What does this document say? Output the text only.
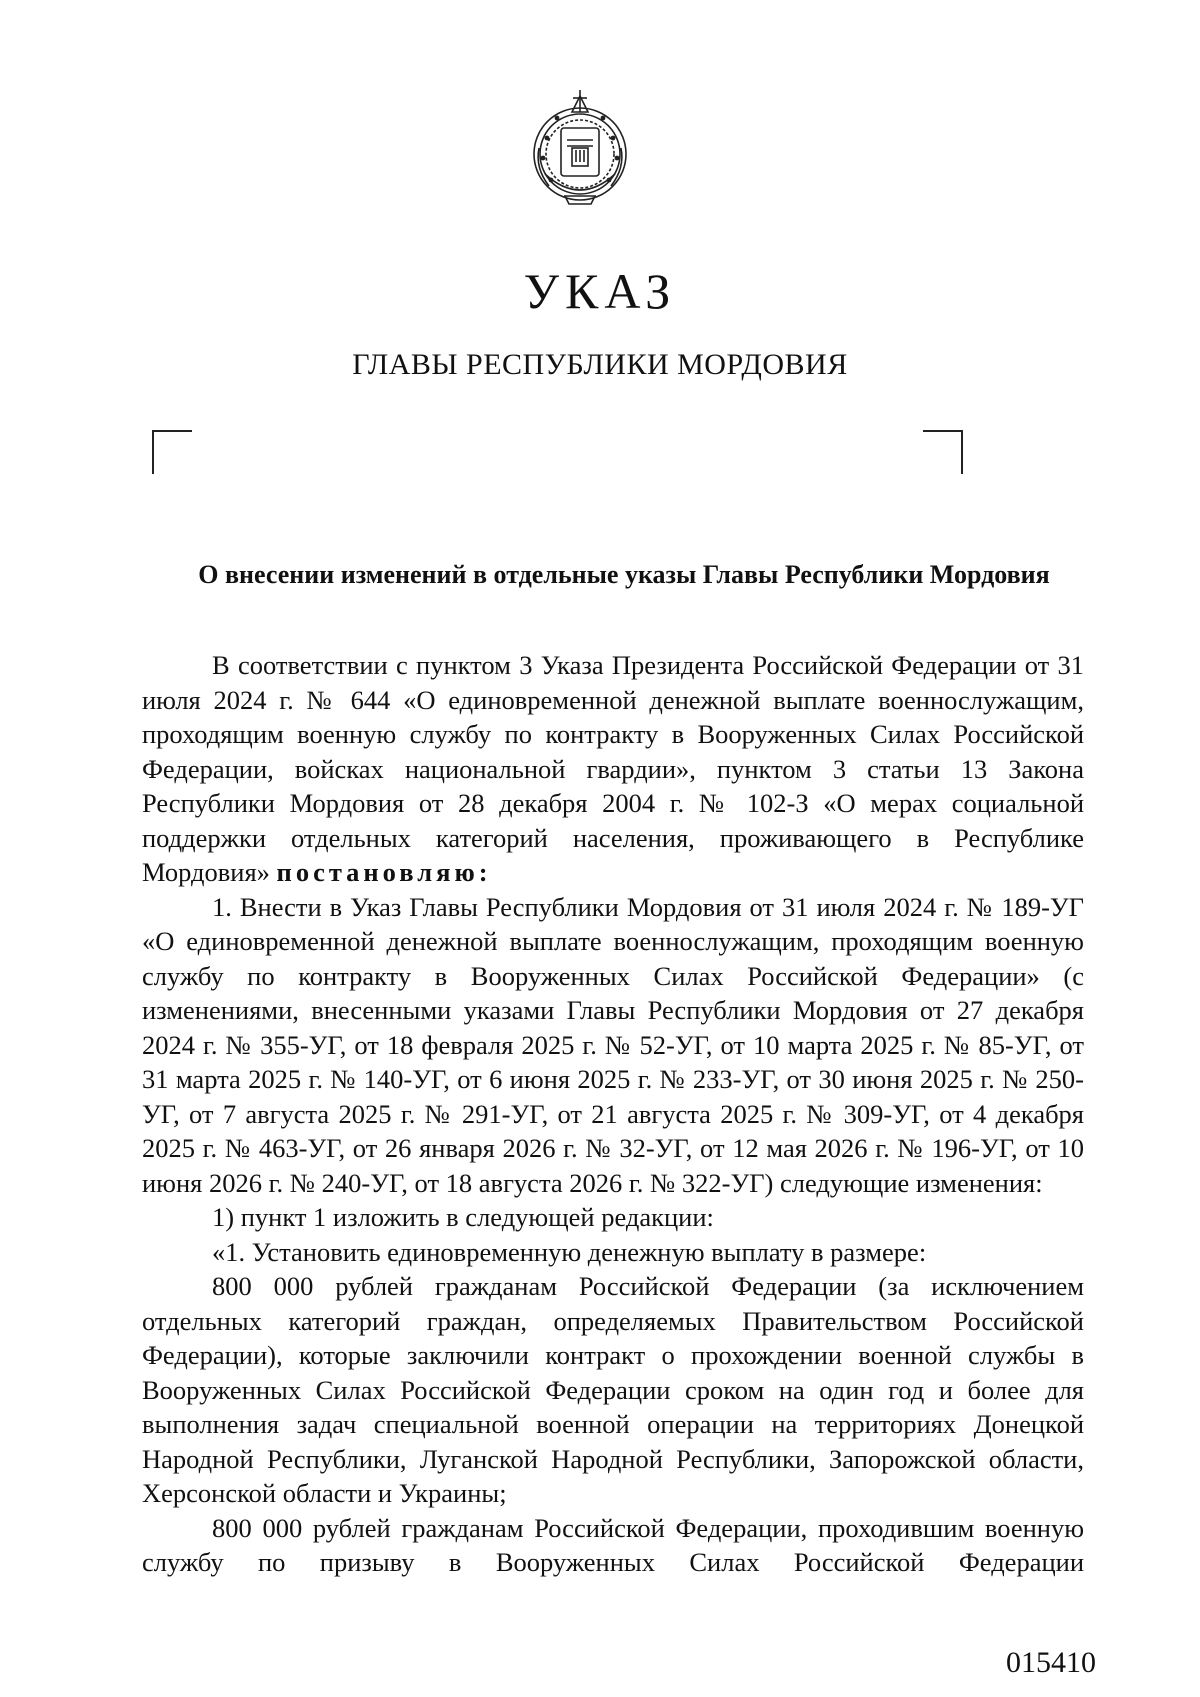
УКАЗ
ГЛАВЫ РЕСПУБЛИКИ МОРДОВИЯ
О внесении изменений в отдельные указы Главы Республики Мордовия

В соответствии с пунктом 3 Указа Президента Российской Федерации от 31 июля 2024 г. № 644 «О единовременной денежной выплате военнослужащим, проходящим военную службу по контракту в Вооруженных Силах Российской Федерации, войсках национальной гвардии», пунктом 3 статьи 13 Закона Республики Мордовия от 28 декабря 2004 г. № 102-З «О мерах социальной поддержки отдельных категорий населения, проживающего в Республике Мордовия» постановляю:

1. Внести в Указ Главы Республики Мордовия от 31 июля 2024 г. № 189-УГ «О единовременной денежной выплате военнослужащим, проходящим военную службу по контракту в Вооруженных Силах Российской Федерации» (с изменениями, внесенными указами Главы Республики Мордовия от 27 декабря 2024 г. № 355-УГ, от 18 февраля 2025 г. № 52-УГ, от 10 марта 2025 г. № 85-УГ, от 31 марта 2025 г. № 140-УГ, от 6 июня 2025 г. № 233-УГ, от 30 июня 2025 г. № 250-УГ, от 7 августа 2025 г. № 291-УГ, от 21 августа 2025 г. № 309-УГ, от 4 декабря 2025 г. № 463-УГ, от 26 января 2026 г. № 32-УГ, от 12 мая 2026 г. № 196-УГ, от 10 июня 2026 г. № 240-УГ, от 18 августа 2026 г. № 322-УГ) следующие изменения:

1) пункт 1 изложить в следующей редакции:

«1. Установить единовременную денежную выплату в размере:

800 000 рублей гражданам Российской Федерации (за исключением отдельных категорий граждан, определяемых Правительством Российской Федерации), которые заключили контракт о прохождении военной службы в Вооруженных Силах Российской Федерации сроком на один год и более для выполнения задач специальной военной операции на территориях Донецкой Народной Республики, Луганской Народной Республики, Запорожской области, Херсонской области и Украины;

800 000 рублей гражданам Российской Федерации, проходившим военную службу по призыву в Вооруженных Силах Российской Федерации

015410
